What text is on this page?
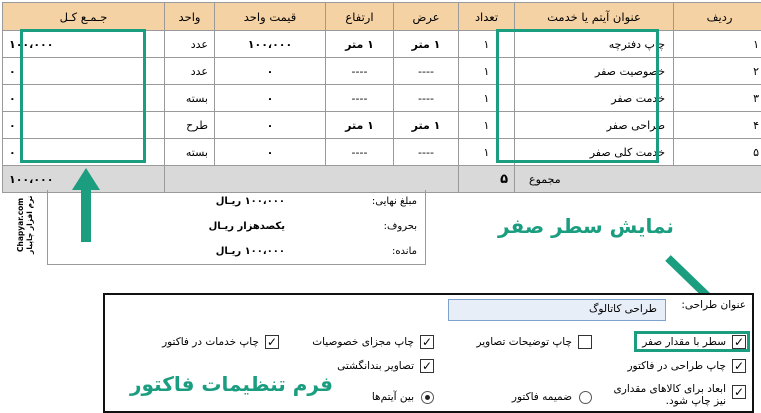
ردیف	عنوان آیتم یا خدمت	تعداد	عرض	ارتفاع	قیمت واحد	واحد	جـمـع کـل
۱	چاپ دفترچه	۱	۱ متر	۱ متر	۱۰۰،۰۰۰	عدد	۱۰۰،۰۰۰
۲	خصوصیت صفر	۱	----	----	۰	عدد	۰
۳	خدمت صفر	۱	----	----	۰	بسته	۰
۴	طراحی صفر	۱	۱ متر	۱ متر	۰	طرح	۰
۵	خدمت کلی صفر	۱	----	----	۰	بسته	۰
مجموع		۵					۱۰۰،۰۰۰
مبلغ نهایی:
۱۰۰،۰۰۰ ریـال
بحروف:
یکصدهزار ریـال
مانده:
۱۰۰،۰۰۰ ریـال
Chapyar.com نرم افزار چاپیار	نمایش سطر صفر
عنوان طراحی:
طراحی کاتالوگ
✓
سطر با مقدار صفر
✓
چاپ طراحی در فاکتور
✓
ابعاد برای کالاهای مقداری نیز چاپ شود.
چاپ توضیحات تصاویر
ضمیمه فاکتور
✓
چاپ مجزای خصوصیات
✓
تصاویر بندانگشتی
بین آیتم‌ها
✓
چاپ خدمات در فاکتور
فرم تنظیمات فاکتور
